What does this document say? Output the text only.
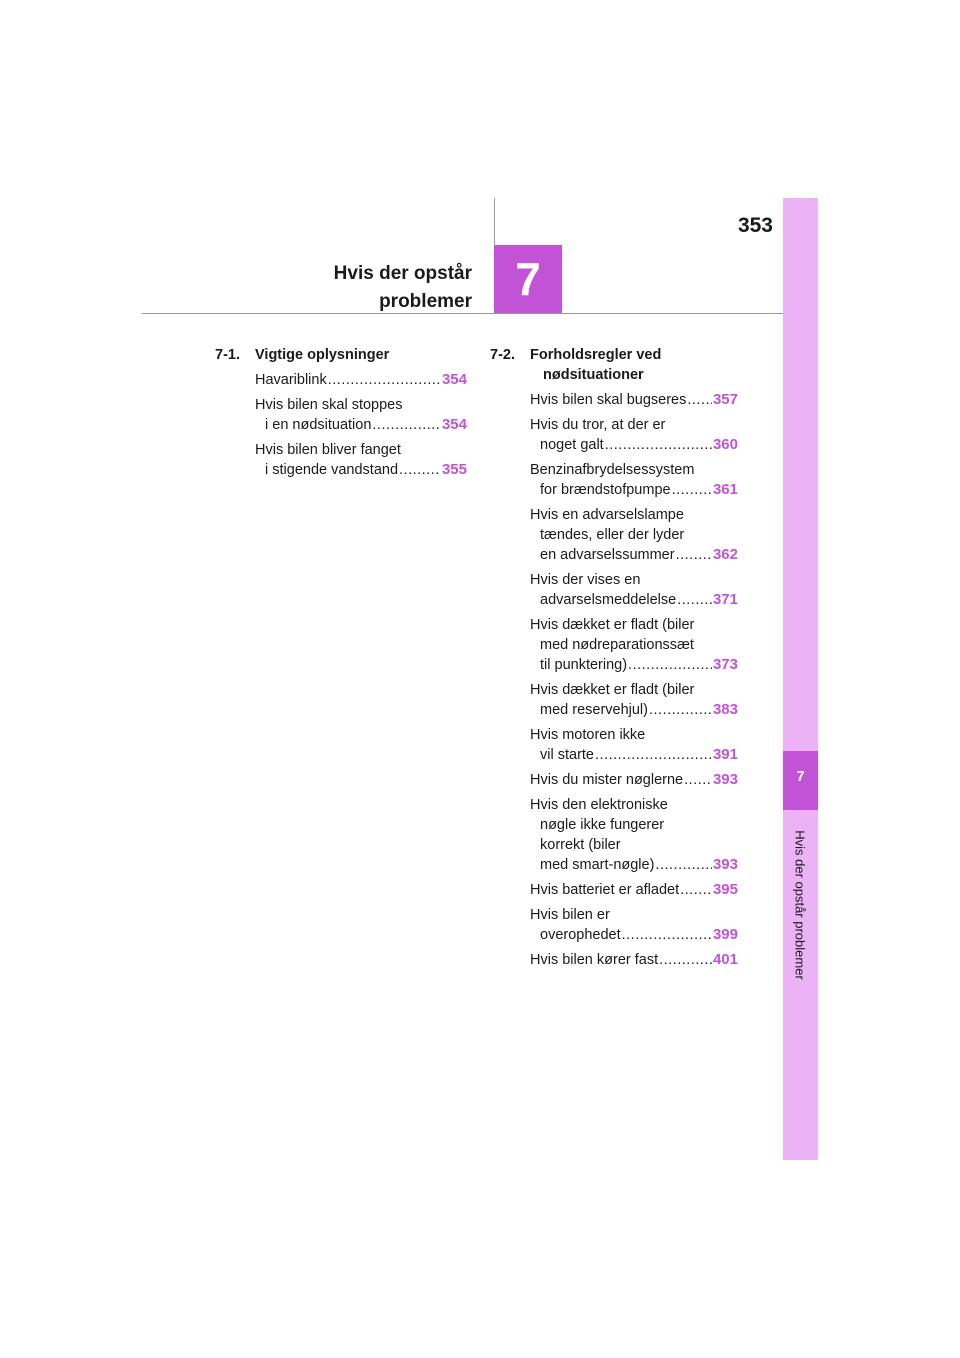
7
Hvis der opstår problemer
Hvis der opstår
problemer 7
353
7-1.	Vigtige oplysninger
Havariblink .....	354
Hvis bilen skal stoppes
i en nødsituation .....	354
Hvis bilen bliver fanget
i stigende vandstand .....	355
7-2.	Forholdsregler ved
nødsituationer
Hvis bilen skal bugseres ..... 357
Hvis du tror, at der er
noget galt .....	360
Benzinafbrydelsessystem
for brændstofpumpe .....	361
Hvis en advarselslampe
tændes, eller der lyder
en advarselssummer .....	362
Hvis der vises en
advarselsmeddelelse ..... 371
Hvis dækket er fladt (biler
med nødreparationssæt
til punktering) .....	373
Hvis dækket er fladt (biler
med reservehjul) .....	383
Hvis motoren ikke
vil starte .....	391
Hvis du mister nøglerne ..... 393
Hvis den elektroniske
nøgle ikke fungerer
korrekt (biler
med smart-nøgle) .....	393
Hvis batteriet er afladet ..... 395
Hvis bilen er
overophedet .....	399
Hvis bilen kører fast .....	401
